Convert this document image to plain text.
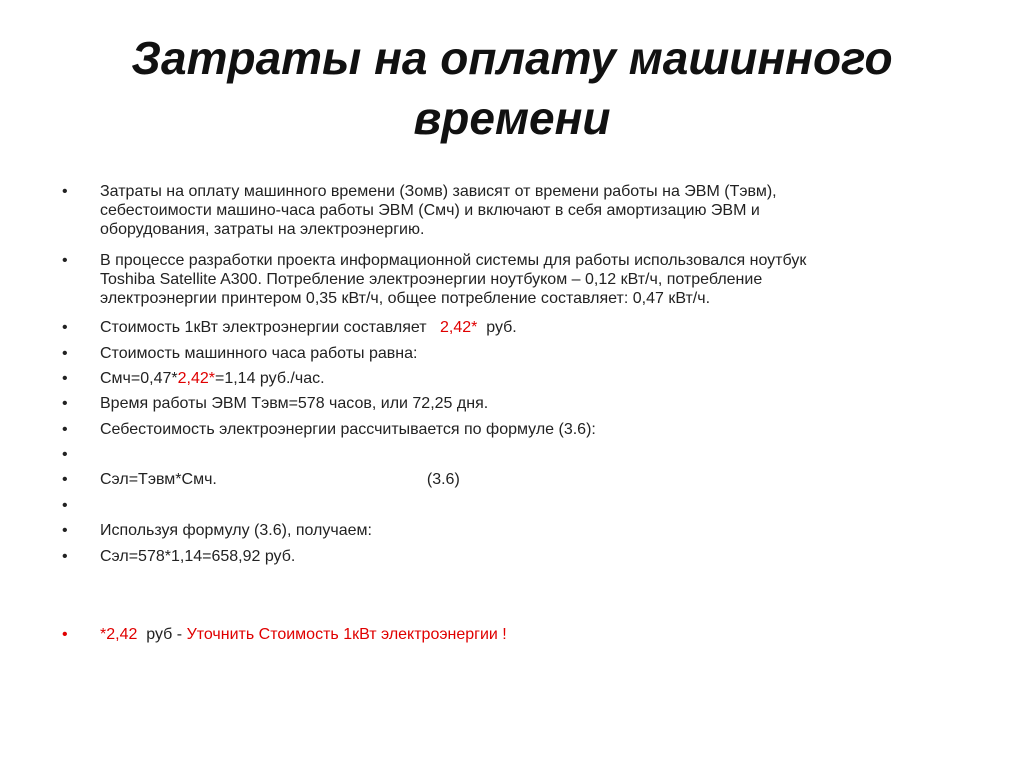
Затраты на оплату машинного
времени
• Затраты на оплату машинного времени (Зомв) зависят от времени работы на ЭВМ (Тэвм),
себестоимости машино-часа работы ЭВМ (Смч) и включают в себя амортизацию ЭВМ и
оборудования, затраты на электроэнергию.
• В процессе разработки проекта информационной системы для работы использовался ноутбук
Toshiba Satellite A300. Потребление электроэнергии ноутбуком – 0,12 кВт/ч, потребление
электроэнергии принтером 0,35 кВт/ч, общее потребление составляет: 0,47 кВт/ч.
• Стоимость 1кВт электроэнергии составляет 2,42* руб.
• Стоимость машинного часа работы равна:
• Смч=0,47*2,42*=1,14 руб./час.
• Время работы ЭВМ Тэвм=578 часов, или 72,25 дня.
• Себестоимость электроэнергии рассчитывается по формуле (3.6):
• Сэл=Тэвм*Смч.	(3.6)
• Используя формулу (3.6), получаем:
• Сэл=578*1,14=658,92 руб.
• *2,42 руб - Уточнить Стоимость 1кВт электроэнергии !
